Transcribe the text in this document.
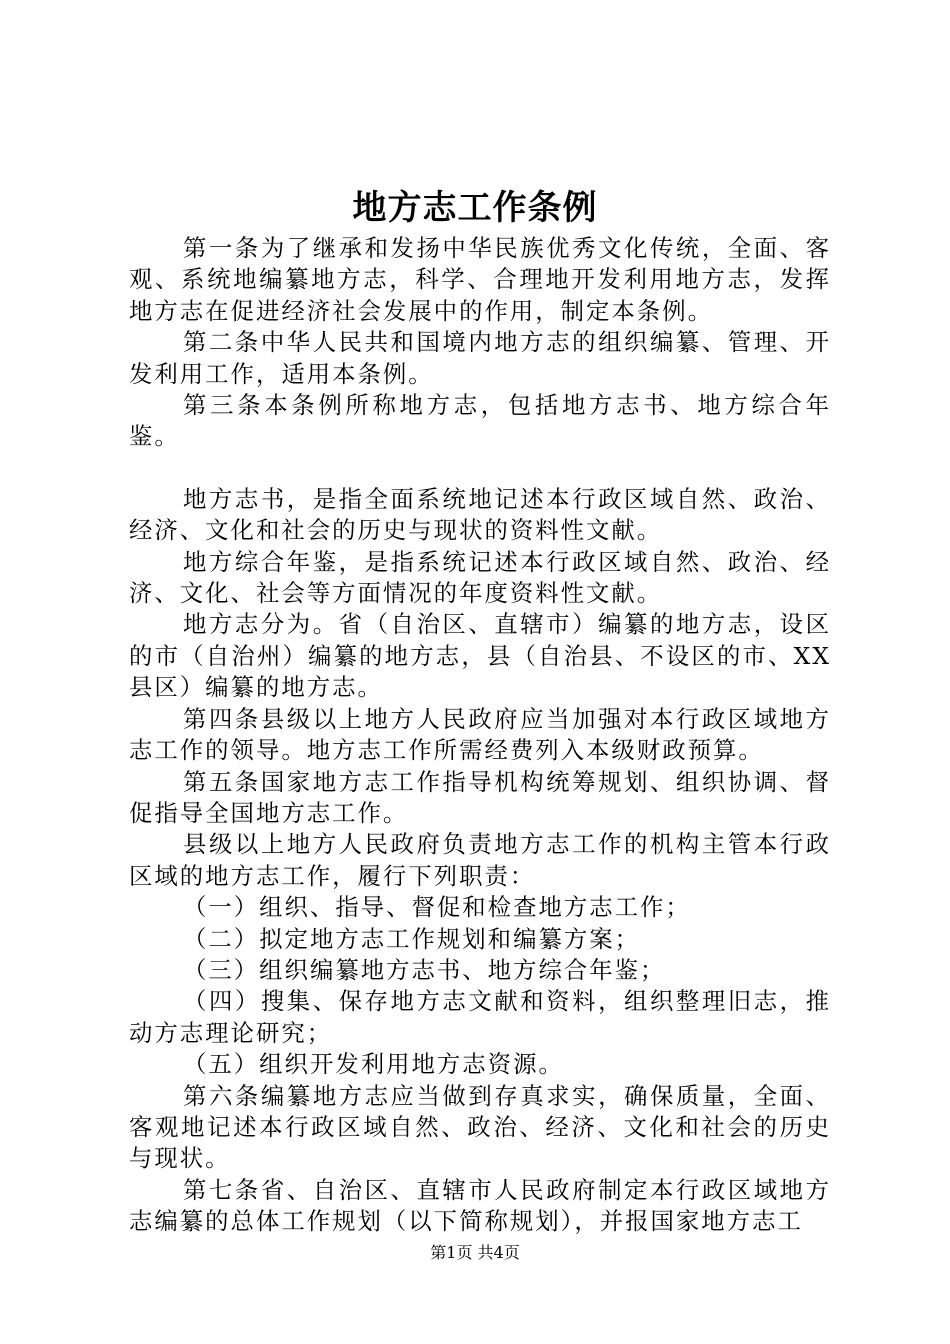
地方志工作条例

第一条为了继承和发扬中华民族优秀文化传统，全面、客观、系统地编纂地方志，科学、合理地开发利用地方志，发挥地方志在促进经济社会发展中的作用，制定本条例。

第二条中华人民共和国境内地方志的组织编纂、管理、开发利用工作，适用本条例。

第三条本条例所称地方志，包括地方志书、地方综合年鉴。

地方志书，是指全面系统地记述本行政区域自然、政治、经济、文化和社会的历史与现状的资料性文献。

地方综合年鉴，是指系统记述本行政区域自然、政治、经济、文化、社会等方面情况的年度资料性文献。

地方志分为。省（自治区、直辖市）编纂的地方志，设区的市（自治州）编纂的地方志，县（自治县、不设区的市、XX县区）编纂的地方志。

第四条县级以上地方人民政府应当加强对本行政区域地方志工作的领导。地方志工作所需经费列入本级财政预算。

第五条国家地方志工作指导机构统筹规划、组织协调、督促指导全国地方志工作。

县级以上地方人民政府负责地方志工作的机构主管本行政区域的地方志工作，履行下列职责：

（一）组织、指导、督促和检查地方志工作；

（二）拟定地方志工作规划和编纂方案；

（三）组织编纂地方志书、地方综合年鉴；

（四）搜集、保存地方志文献和资料，组织整理旧志，推动方志理论研究；

（五）组织开发利用地方志资源。

第六条编纂地方志应当做到存真求实，确保质量，全面、客观地记述本行政区域自然、政治、经济、文化和社会的历史与现状。

第七条省、自治区、直辖市人民政府制定本行政区域地方志编纂的总体工作规划（以下简称规划），并报国家地方志工

第1页 共4页
